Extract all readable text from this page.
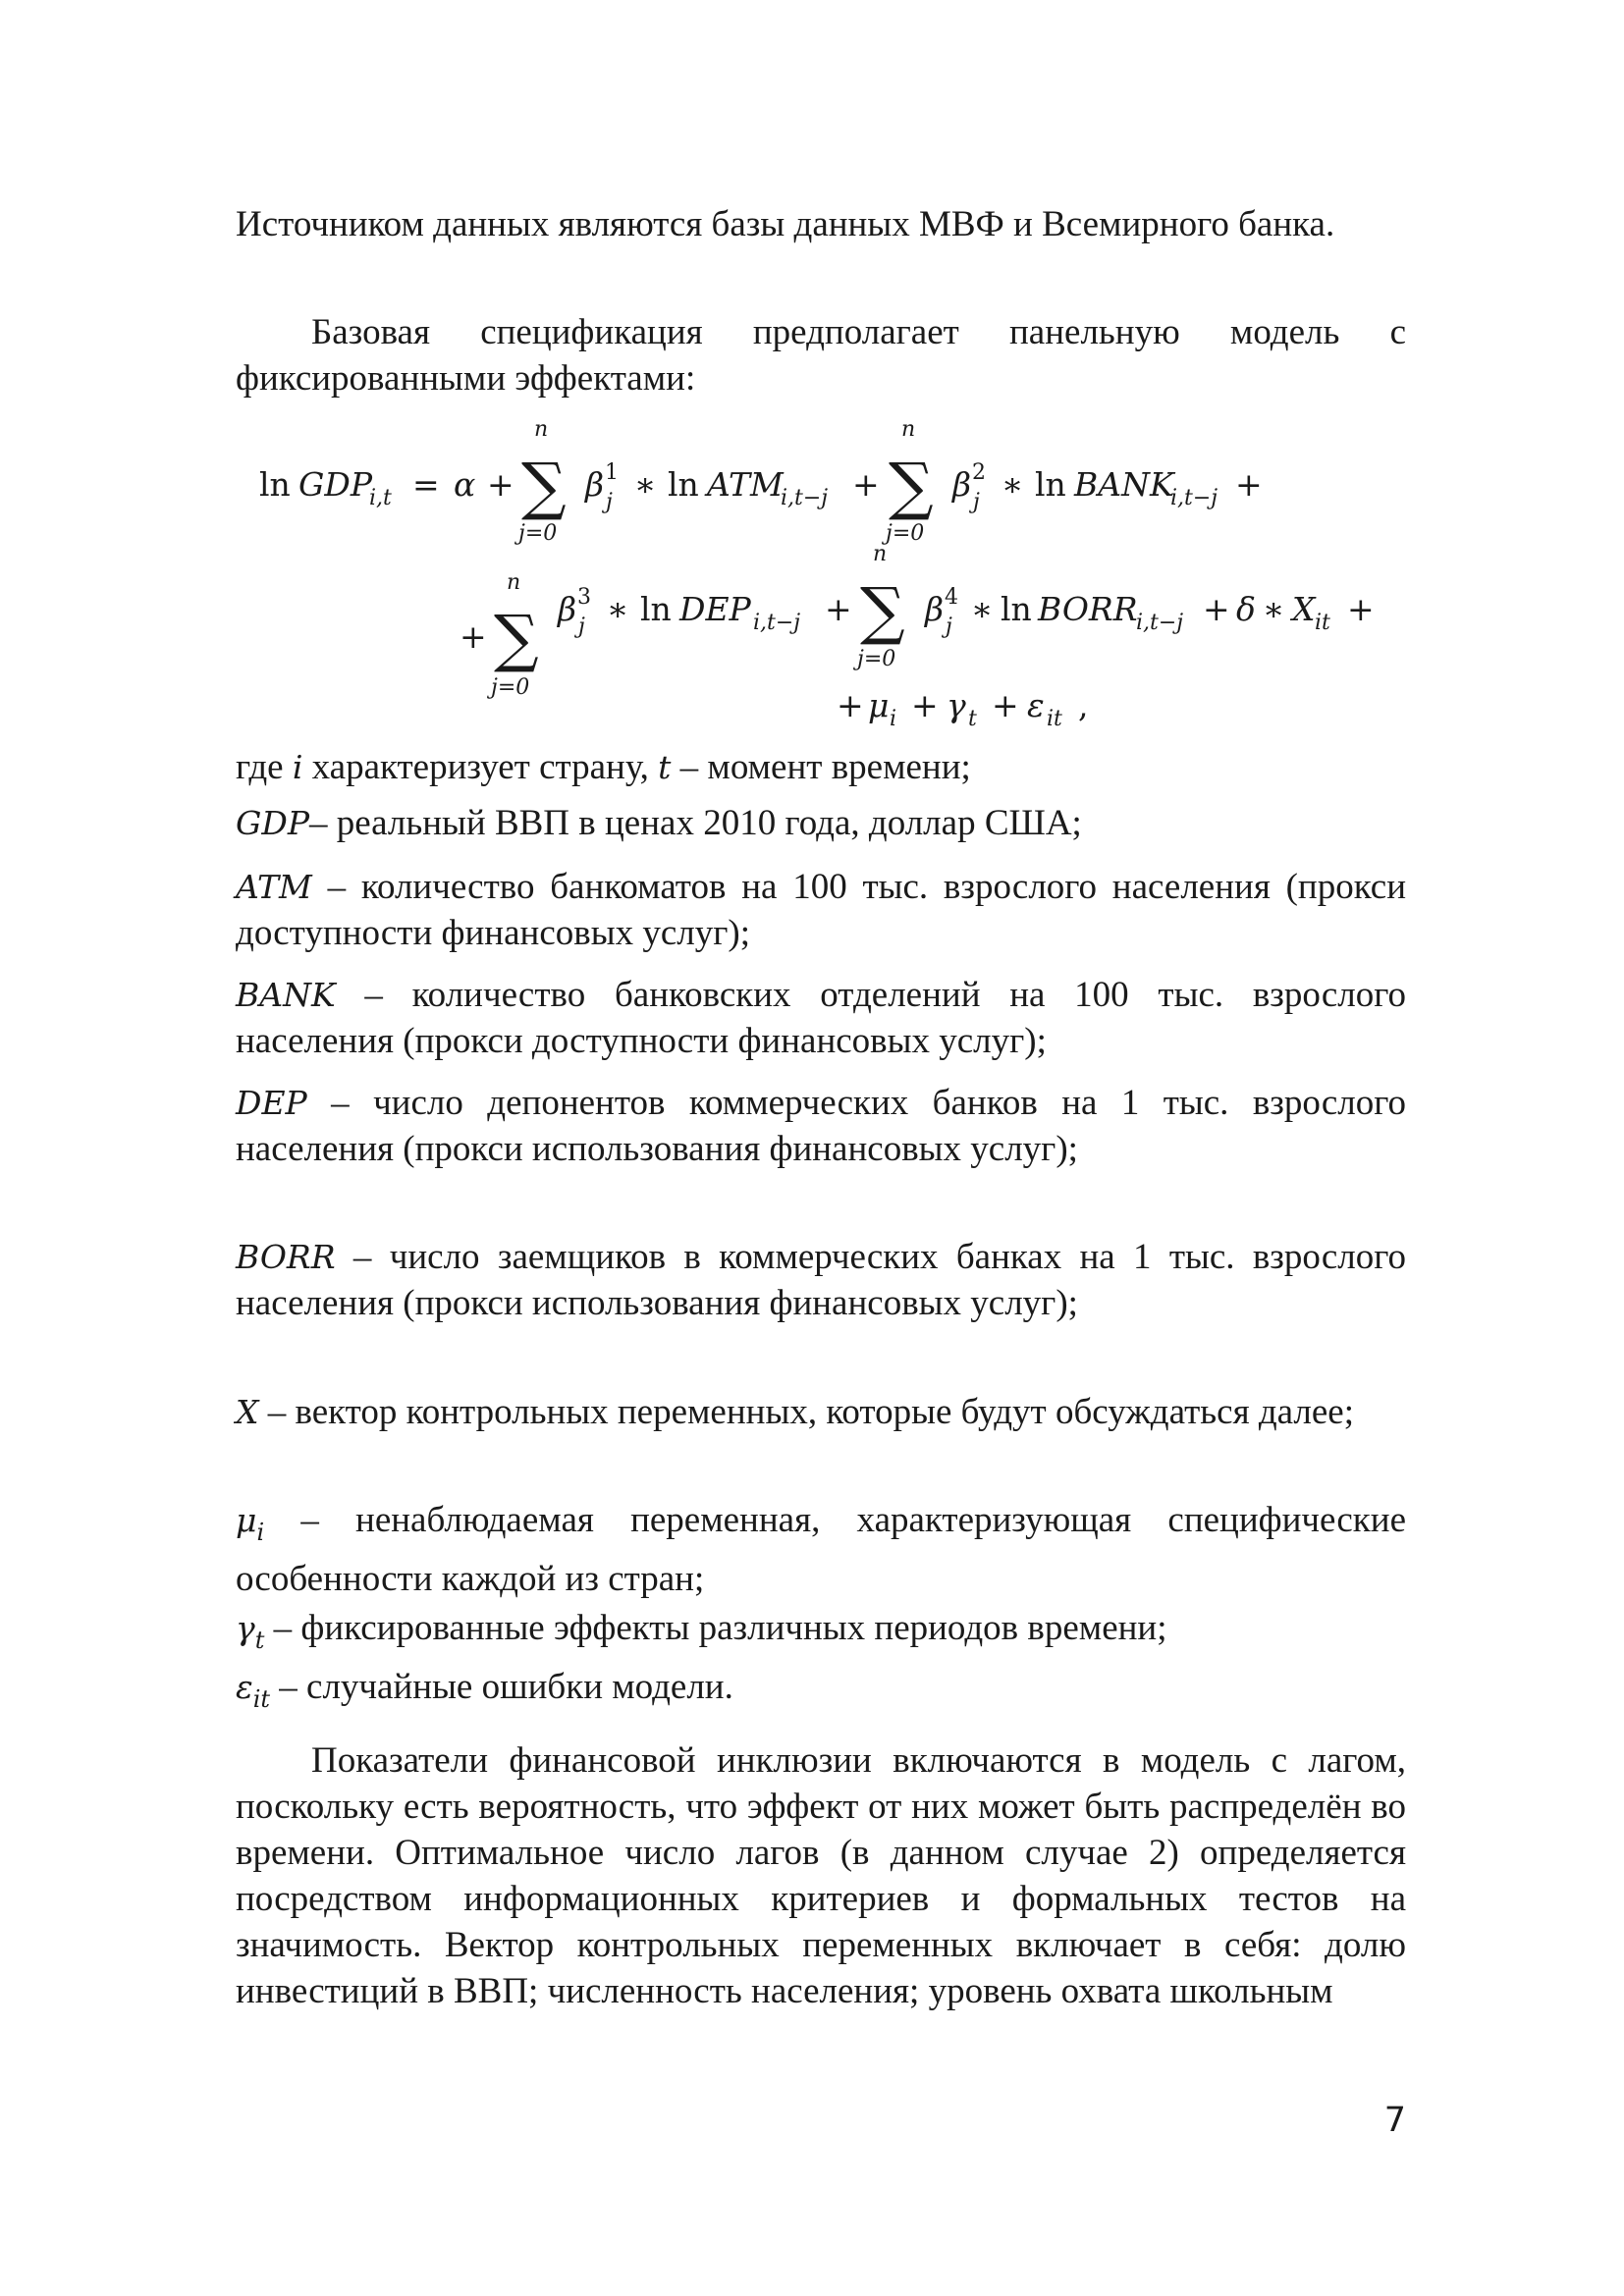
Источником данных являются базы данных МВФ и Всемирного банка.

Базовая спецификация предполагает панельную модель с фиксированными эффектами:

ln GDP
i,t = α + ∑
n
j=0
β 1
j ∗ ln ATM
i,t−j + ∑
n
j=0
β 2
j ∗ ln BANK
i,t−j +
+ ∑
n
j=0
β 3
j ∗ ln DEP i,t−j + ∑
n
j=0
β 4
j ∗ ln BORR
i,t−j + δ ∗ X it +
+ μ i + γ t + ε it ,

где i характеризует страну, t – момент времени;

GDP– реальный ВВП в ценах 2010 года, доллар США;

ATM – количество банкоматов на 100 тыс. взрослого населения (прокси доступности финансовых услуг);

BANK – количество банковских отделений на 100 тыс. взрослого населения (прокси доступности финансовых услуг);

DEP – число депонентов коммерческих банков на 1 тыс. взрослого населения (прокси использования финансовых услуг);

BORR – число заемщиков в коммерческих банках на 1 тыс. взрослого населения (прокси использования финансовых услуг);

X – вектор контрольных переменных, которые будут обсуждаться далее;

$\mu_i$ – ненаблюдаемая переменная, характеризующая специфические особенности каждой из стран;

$\gamma_t$ – фиксированные эффекты различных периодов времени;

$\varepsilon_{it}$ – случайные ошибки модели.

Показатели финансовой инклюзии включаются в модель с лагом, поскольку есть вероятность, что эффект от них может быть распределён во времени. Оптимальное число лагов (в данном случае 2) определяется посредством информационных критериев и формальных тестов на значимость. Вектор контрольных переменных включает в себя: долю инвестиций в ВВП; численность населения; уровень охвата школьным

7
